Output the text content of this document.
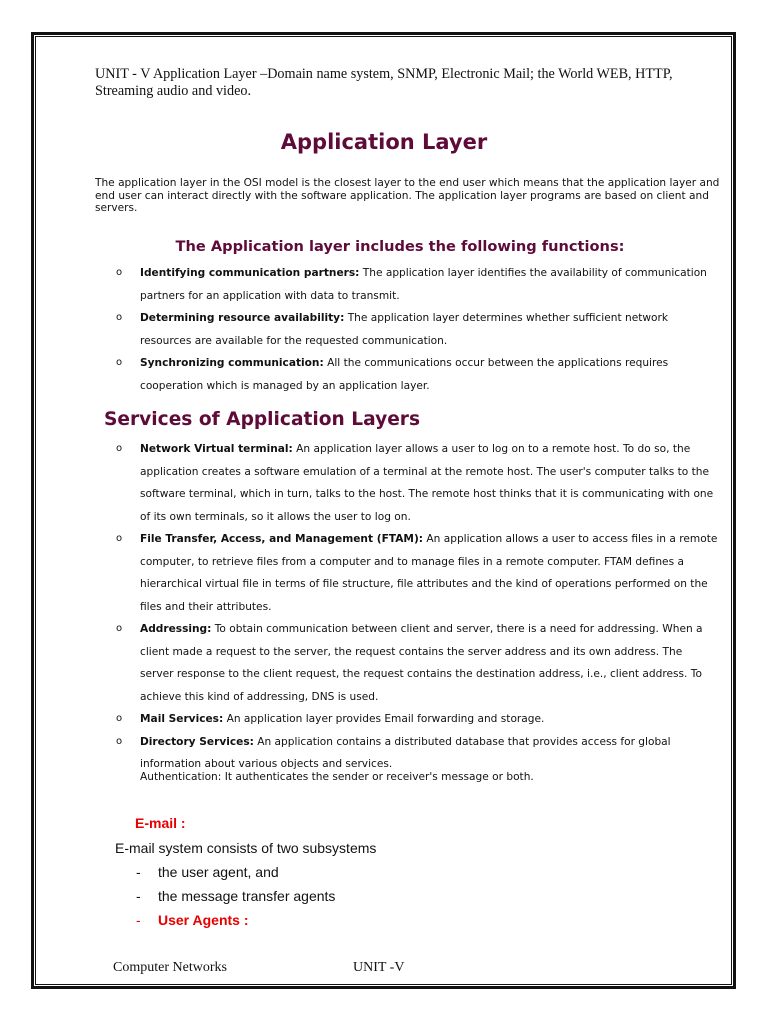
UNIT - V Application Layer –Domain name system, SNMP, Electronic Mail; the World WEB, HTTP, Streaming audio and video.
Application Layer
The application layer in the OSI model is the closest layer to the end user which means that the application layer and end user can interact directly with the software application. The application layer programs are based on client and servers.
The Application layer includes the following functions:
o Identifying communication partners: The application layer identifies the availability of communication partners for an application with data to transmit.
o Determining resource availability: The application layer determines whether sufficient network resources are available for the requested communication.
o Synchronizing communication: All the communications occur between the applications requires cooperation which is managed by an application layer.
Services of Application Layers
o Network Virtual terminal: An application layer allows a user to log on to a remote host. To do so, the application creates a software emulation of a terminal at the remote host. The user's computer talks to the software terminal, which in turn, talks to the host. The remote host thinks that it is communicating with one of its own terminals, so it allows the user to log on.
o File Transfer, Access, and Management (FTAM): An application allows a user to access files in a remote computer, to retrieve files from a computer and to manage files in a remote computer. FTAM defines a hierarchical virtual file in terms of file structure, file attributes and the kind of operations performed on the files and their attributes.
o Addressing: To obtain communication between client and server, there is a need for addressing. When a client made a request to the server, the request contains the server address and its own address. The server response to the client request, the request contains the destination address, i.e., client address. To achieve this kind of addressing, DNS is used.
o Mail Services: An application layer provides Email forwarding and storage.
o Directory Services: An application contains a distributed database that provides access for global information about various objects and services.
Authentication: It authenticates the sender or receiver's message or both.
E-mail :
E-mail system consists of two subsystems
- the user agent, and
- the message transfer agents
- User Agents :
Computer Networks	UNIT -V
